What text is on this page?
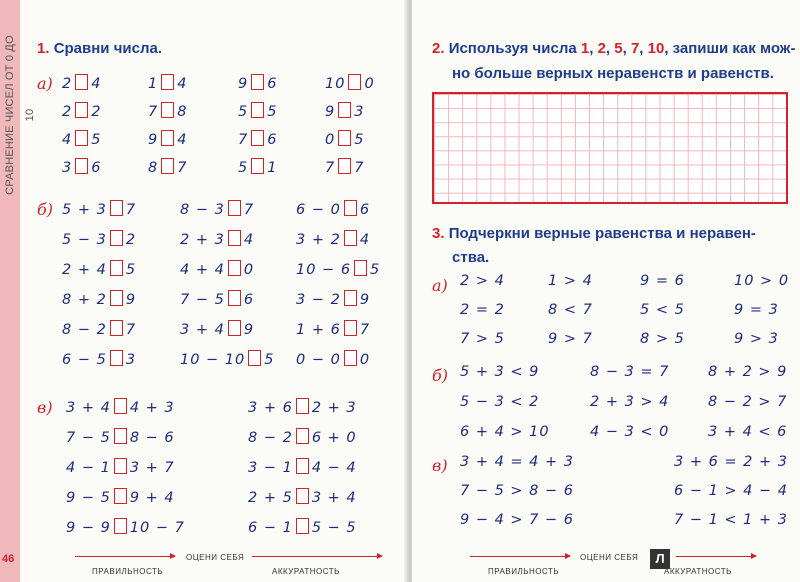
СРАВНЕНИЕ ЧИСЕЛ ОТ 0 ДО 10
1. Сравни числа.
а)
б)
в)
2 4
2 2
4 5
3 6
1 4
7 8
9 4
8 7
9 6
5 5
7 6
5 1
10 0
9 3
0 5
7 7
5 + 3 7
5 − 3 2
2 + 4 5
8 + 2 9
8 − 2 7
6 − 5 3
8 − 3 7
2 + 3 4
4 + 4 0
7 − 5 6
3 + 4 9
10 − 10 5
6 − 0 6
3 + 2 4
10 − 6 5
3 − 2 9
1 + 6 7
0 − 0 0
3 + 4 4 + 3
7 − 5 8 − 6
4 − 1 3 + 7
9 − 5 9 + 4
9 − 9 10 − 7
3 + 6 2 + 3
8 − 2 6 + 0
3 − 1 4 − 4
2 + 5 3 + 4
6 − 1 5 − 5
46
ПРАВИЛЬНОСТЬ
ОЦЕНИ СЕБЯ
АККУРАТНОСТЬ
2. Используя числа 1, 2, 5, 7, 10, запиши как мож-
но больше верных неравенств и равенств.
3. Подчеркни верные равенства и неравен-
ства.
а)
б)
в)
2 > 4
2 = 2
7 > 5
1 > 4
8 < 7
9 > 7
9 = 6
5 < 5
8 > 5
10 > 0
9 = 3
9 > 3
5 + 3 < 9
5 − 3 < 2
6 + 4 > 10
8 − 3 = 7
2 + 3 > 4
4 − 3 < 0
8 + 2 > 9
8 − 2 > 7
3 + 4 < 6
3 + 4 = 4 + 3
7 − 5 > 8 − 6
9 − 4 > 7 − 6
3 + 6 = 2 + 3
6 − 1 > 4 − 4
7 − 1 < 1 + 3
ПРАВИЛЬНОСТЬ
ОЦЕНИ СЕБЯ	Л
АККУРАТНОСТЬ
